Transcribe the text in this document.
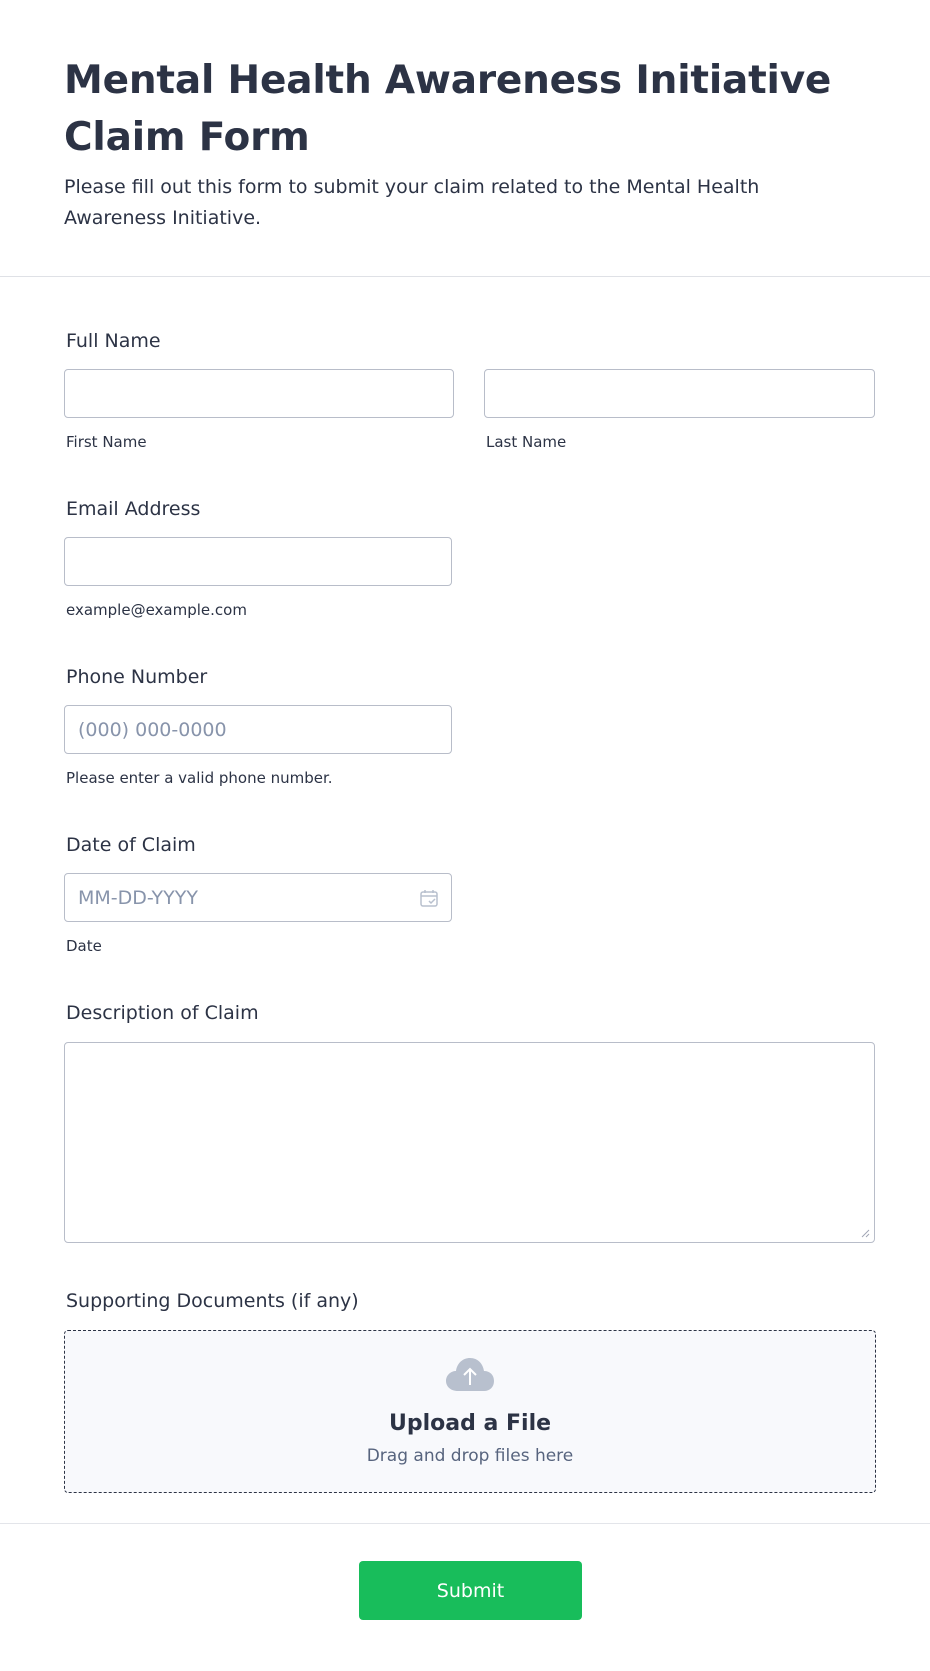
Mental Health Awareness Initiative Claim Form

Please fill out this form to submit your claim related to the Mental Health Awareness Initiative.

Full Name
First Name	Last Name
Email Address
example@example.com
Phone Number
(000) 000-0000
Please enter a valid phone number.
Date of Claim
MM-DD-YYYY
Date
Description of Claim
Supporting Documents (if any)
Upload a File
Drag and drop files here
Submit
